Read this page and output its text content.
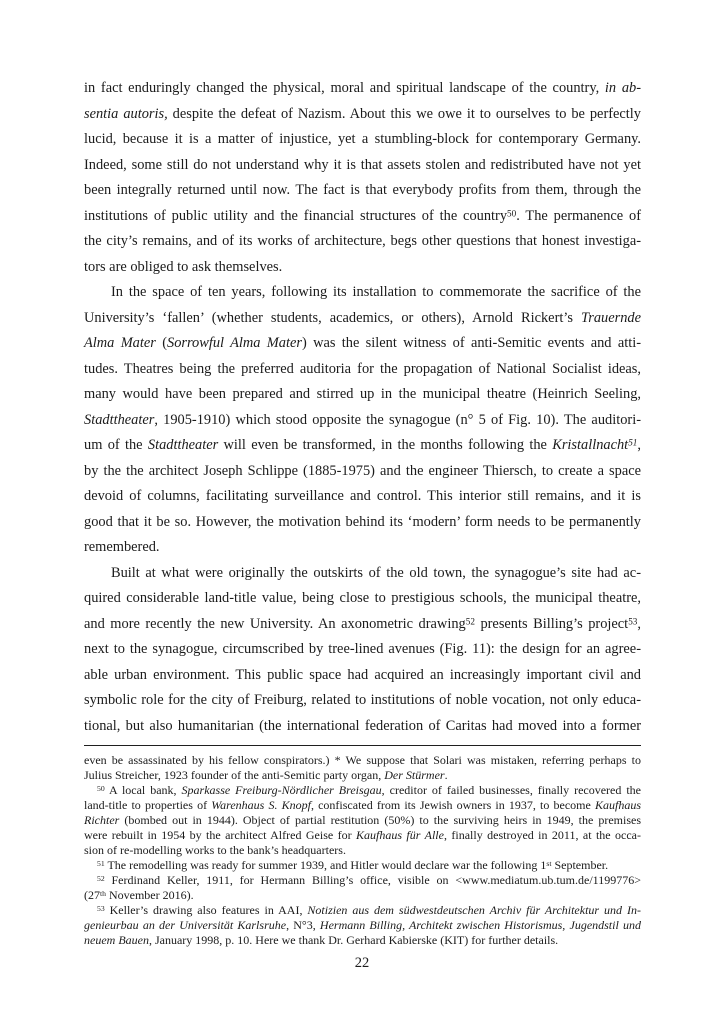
in fact enduringly changed the physical, moral and spiritual landscape of the country, in ab-
sentia autoris, despite the defeat of Nazism. About this we owe it to ourselves to be perfectly
lucid, because it is a matter of injustice, yet a stumbling-block for contemporary Germany.
Indeed, some still do not understand why it is that assets stolen and redistributed have not yet
been integrally returned until now. The fact is that everybody profits from them, through the
institutions of public utility and the financial structures of the country$^{50}$. The permanence of
the city’s remains, and of its works of architecture, begs other questions that honest investiga-
tors are obliged to ask themselves.
In the space of ten years, following its installation to commemorate the sacrifice of the
University’s ‘fallen’ (whether students, academics, or others), Arnold Rickert’s Trauernde
Alma Mater (Sorrowful Alma Mater) was the silent witness of anti-Semitic events and atti-
tudes. Theatres being the preferred auditoria for the propagation of National Socialist ideas,
many would have been prepared and stirred up in the municipal theatre (Heinrich Seeling,
Stadttheater, 1905-1910) which stood opposite the synagogue (n° 5 of Fig. 10). The auditori-
um of the Stadttheater will even be transformed, in the months following the Kristallnacht$^{51}$,
by the the architect Joseph Schlippe (1885-1975) and the engineer Thiersch, to create a space
devoid of columns, facilitating surveillance and control. This interior still remains, and it is
good that it be so. However, the motivation behind its ‘modern’ form needs to be permanently
remembered.
Built at what were originally the outskirts of the old town, the synagogue’s site had ac-
quired considerable land-title value, being close to prestigious schools, the municipal theatre,
and more recently the new University. An axonometric drawing$^{52}$ presents Billing’s project$^{53}$,
next to the synagogue, circumscribed by tree-lined avenues (Fig. 11): the design for an agree-
able urban environment. This public space had acquired an increasingly important civil and
symbolic role for the city of Freiburg, related to institutions of noble vocation, not only educa-
tional, but also humanitarian (the international federation of Caritas had moved into a former
even be assassinated by his fellow conspirators.) * We suppose that Solari was mistaken, referring perhaps to
Julius Streicher, 1923 founder of the anti-Semitic party organ, Der Stürmer.
$^{50}$ A local bank, Sparkasse Freiburg-Nördlicher Breisgau, creditor of failed businesses, finally recovered the
land-title to properties of Warenhaus S. Knopf, confiscated from its Jewish owners in 1937, to become Kaufhaus
Richter (bombed out in 1944). Object of partial restitution (50%) to the surviving heirs in 1949, the premises
were rebuilt in 1954 by the architect Alfred Geise for Kaufhaus für Alle, finally destroyed in 2011, at the occa-
sion of re-modelling works to the bank’s headquarters.
$^{51}$ The remodelling was ready for summer 1939, and Hitler would declare war the following 1st September.
$^{52}$ Ferdinand Keller, 1911, for Hermann Billing’s office, visible on <www.mediatum.ub.tum.de/1199776>
(27th November 2016).
$^{53}$ Keller’s drawing also features in AAI, Notizien aus dem südwestdeutschen Archiv für Architektur und In-
genieurbau an der Universität Karlsruhe, N°3, Hermann Billing, Architekt zwischen Historismus, Jugendstil und
neuem Bauen, January 1998, p. 10. Here we thank Dr. Gerhard Kabierske (KIT) for further details.
22
